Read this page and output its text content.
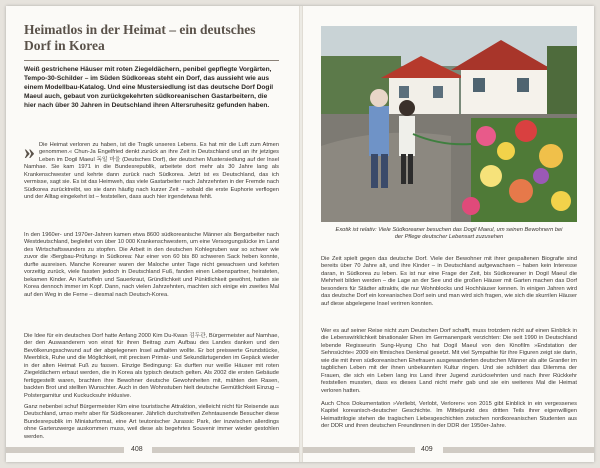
Heimatlos in der Heimat – ein deutsches Dorf in Korea

Weiß gestrichene Häuser mit roten Ziegeldächern, penibel gepflegte Vorgärten, Tempo-30-Schilder – im Süden Südkoreas steht ein Dorf, das aussieht wie aus einem Modellbau-Katalog. Und eine Mustersiedlung ist das deutsche Dorf Dogil Maeul auch, gebaut von zurückgekehrten südkoreanischen Gastarbeitern, die hier nach über 30 Jahren in Deutschland ihren Altersruhesitz gefunden haben.

» Die Heimat verloren zu haben, ist die Tragik unseres Lebens. Es hat mir die Luft zum Atmen genommen.« Chun-Ja Engelfried denkt zurück an ihre Zeit in Deutschland und an ihr jetziges Leben im Dogil Maeul 독일 마을 (Deutsches Dorf), der deutschen Mustersiedlung auf der Insel Namhae. Sie kam 1971 in die Bundesrepublik, arbeitete dort mehr als 30 Jahre lang als Krankenschwester und kehrte dann zurück nach Südkorea. Jetzt ist es Deutschland, das ich vermisse, sagt sie. Es ist das Heimweh, das viele Gastarbeiter nach Jahrzehnten in der Fremde nach Südkorea zurücktreibt, wo sie dann häufig nach kurzer Zeit – sobald die erste Euphorie verflogen und der Alltag eingekehrt ist – feststellen, dass auch hier irgendetwas fehlt.

In den 1960er- und 1970er-Jahren kamen etwa 8600 südkoreanische Männer als Bergarbeiter nach Westdeutschland, begleitet von über 10 000 Krankenschwestern, um eine Versorgungslücke im Land des Wirtschaftswunders zu stopfen. Die Arbeit in den deutschen Kohlegruben war so schwer wie zuvor die ›Bergbau-Prüfung‹ in Südkorea: Nur einer von 60 bis 80 schweren Sack heben konnte, durfte ausreisen. Manche Koreaner waren der Maloche unter Tage nicht gewachsen und kehrten vorzeitig zurück, viele fassten jedoch in Deutschland Fuß, fanden einen Lebenspartner, heirateten, bekamen Kinder. An Kartoffeln und Sauerkraut, Gründlichkeit und Pünktlichkeit gewöhnt, hatten sie Korea dennoch immer im Kopf. Dann, nach vielen Jahrzehnten, machten sich einige ein zweites Mal auf den Weg in die Ferne – diesmal nach Deutsch-Korea.

Die Idee für ein deutsches Dorf hatte Anfang 2000 Kim Du-Kwan 김두관, Bürgermeister auf Namhae, der den Auswanderern von einst für ihren Beitrag zum Aufbau des Landes danken und den Bevölkerungsschwund auf der abgelegenen Insel aufhalten wollte. Er bot preiswerte Grundstücke, Meerblick, Ruhe und die Möglichkeit, mit precisen Primär- und Sekundärtugenden im Gepäck wieder in der alten Heimat Fuß zu fassen. Einzige Bedingung: Es durften nur weiße Häuser mit roten Ziegeldächern erbaut werden, die in Korea als typisch deutsch gelten. Als 2002 die ersten Gebäude fertiggestellt waren, brachten ihre Bewohner deutsche Gewohnheiten mit, mähten den Rasen, backten Brot und stellten Wunschter. Auch in den Wohnstuben hielt deutsche Gemütlichkeit Einzug – Polstergarnitur und Kuckucksuhr inklusive.

Ganz nebenbei schuf Bürgermeister Kim eine touristische Attraktion, vielleicht nicht für Reisende aus Deutschland, umso mehr aber für Südkoreaner. Jährlich durchstreifen Zehntausende Besucher diese Bundesrepublik im Miniaturformat, eine Art teutonischer Jurassic Park, der inzwischen allerdings ohne Gartenzwerge auskommen muss, weil diese als begehrtes Souvenir immer wieder gestohlen werden.

408

Exotik ist relativ: Viele Südkoreaner besuchen das Dogil Maeul, um seinen Bewohnern bei der Pflege deutscher Lebensart zuzusehen

Die Zeit spielt gegen das deutsche Dorf. Viele der Bewohner mit ihrer gespaltenen Biografie sind bereits über 70 Jahre alt, und ihre Kinder – in Deutschland aufgewachsen – haben kein Interesse daran, in Südkorea zu leben. Es ist nur eine Frage der Zeit, bis Südkoreaner in Dogil Maeul die Mehrheit bilden werden – die Lage an der See und die großen Häuser mit Garten machen das Dorf besonders für Städter attraktiv, die nur Wohnblocks und Hochhäuser kennen. In einigen Jahren wird das deutsche Dorf ein koreanisches Dorf sein und man wird sich fragen, wie sich die skurrilen Häuser auf diese abgelegene Insel verirren konnten.

Wer es auf seiner Reise nicht zum Deutschen Dorf schafft, muss trotzdem nicht auf einen Einblick in die Lebenswirklichkeit binationaler Ehen im Germanenpark verzichten: Die seit 1990 in Deutschland lebende Regisseurin Sung-Hyung Cho hat Dogil Maeul von den Kinofilm »Endstation der Sehnsüchte« 2009 ein filmisches Denkmal gesetzt. Mit viel Sympathie für ihre Figuren zeigt sie darin, wie die mit ihren südkoreanischen Ehefrauen ausgewanderten deutschen Männer als alte Grantler im tagblichen Leben mit der ihnen unbekannten Kultur ringen. Und sie schildert das Dilemma der Frauen, die sich ein Leben lang ins Land ihrer Jugend zurücksehnten und nach ihrer Rückkehr feststellen mussten, dass es dieses Land nicht mehr gab und sie ein weiteres Mal die Heimat verloren hatten.

Auch Chos Dokumentation »Verliebt, Verlobt, Verloren« von 2015 gibt Einblick in ein vergessenes Kapitel koreanisch-deutscher Geschichte. Im Mittelpunkt des dritten Teils ihrer eigenwilligen Heimattrilogie stehen die tragischen Liebesgeschichten zwischen nordkoreanischen Studenten aus der DDR und ihren deutschen Freundinnen in der DDR der 1950er-Jahre.

409
